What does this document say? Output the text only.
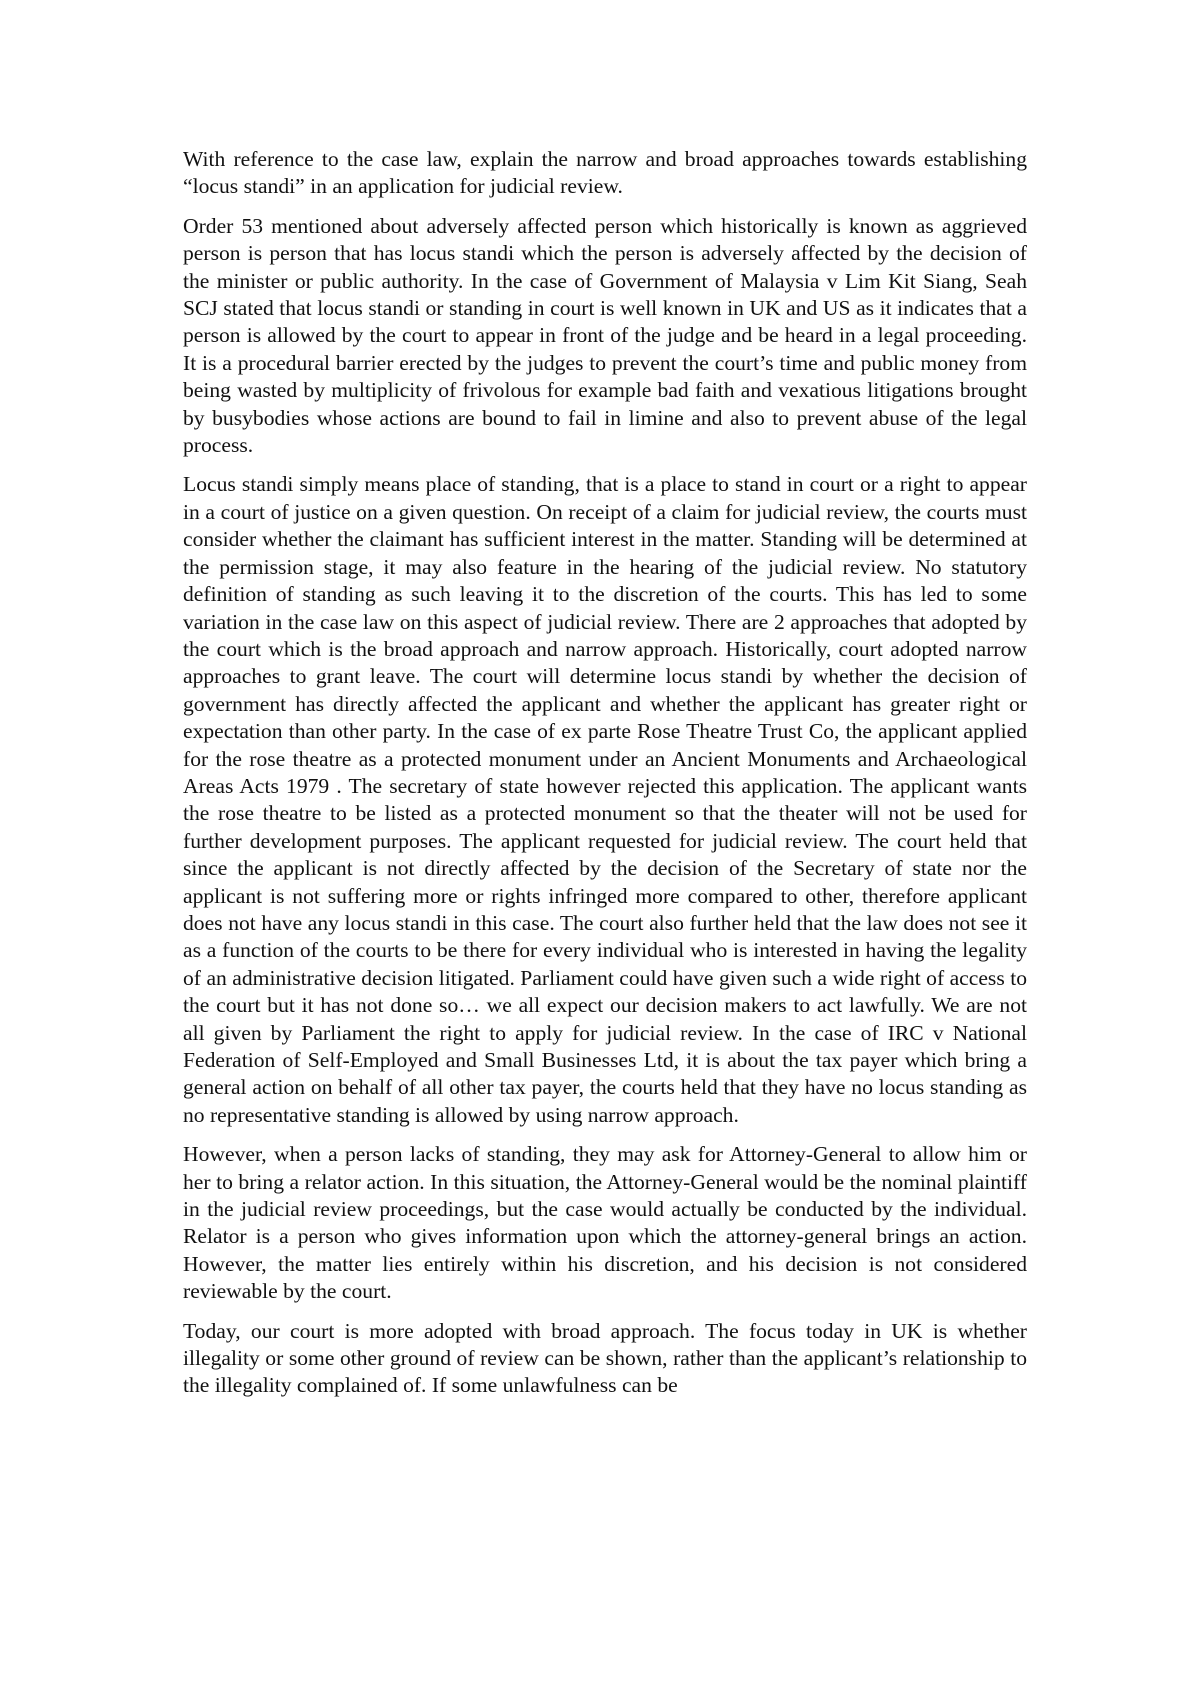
With reference to the case law, explain the narrow and broad approaches towards establishing “locus standi” in an application for judicial review.

Order 53 mentioned about adversely affected person which historically is known as aggrieved person is person that has locus standi which the person is adversely affected by the decision of the minister or public authority. In the case of Government of Malaysia v Lim Kit Siang, Seah SCJ stated that locus standi or standing in court is well known in UK and US as it indicates that a person is allowed by the court to appear in front of the judge and be heard in a legal proceeding. It is a procedural barrier erected by the judges to prevent the court’s time and public money from being wasted by multiplicity of frivolous for example bad faith and vexatious litigations brought by busybodies whose actions are bound to fail in limine and also to prevent abuse of the legal process.

Locus standi simply means place of standing, that is a place to stand in court or a right to appear in a court of justice on a given question. On receipt of a claim for judicial review, the courts must consider whether the claimant has sufficient interest in the matter. Standing will be determined at the permission stage, it may also feature in the hearing of the judicial review. No statutory definition of standing as such leaving it to the discretion of the courts. This has led to some variation in the case law on this aspect of judicial review. There are 2 approaches that adopted by the court which is the broad approach and narrow approach. Historically, court adopted narrow approaches to grant leave. The court will determine locus standi by whether the decision of government has directly affected the applicant and whether the applicant has greater right or expectation than other party. In the case of ex parte Rose Theatre Trust Co, the applicant applied for the rose theatre as a protected monument under an Ancient Monuments and Archaeological Areas Acts 1979 . The secretary of state however rejected this application. The applicant wants the rose theatre to be listed as a protected monument so that the theater will not be used for further development purposes. The applicant requested for judicial review. The court held that since the applicant is not directly affected by the decision of the Secretary of state nor the applicant is not suffering more or rights infringed more compared to other, therefore applicant does not have any locus standi in this case. The court also further held that the law does not see it as a function of the courts to be there for every individual who is interested in having the legality of an administrative decision litigated. Parliament could have given such a wide right of access to the court but it has not done so… we all expect our decision makers to act lawfully. We are not all given by Parliament the right to apply for judicial review. In the case of IRC v National Federation of Self-Employed and Small Businesses Ltd, it is about the tax payer which bring a general action on behalf of all other tax payer, the courts held that they have no locus standing as no representative standing is allowed by using narrow approach.

However, when a person lacks of standing, they may ask for Attorney-General to allow him or her to bring a relator action. In this situation, the Attorney-General would be the nominal plaintiff in the judicial review proceedings, but the case would actually be conducted by the individual. Relator is a person who gives information upon which the attorney-general brings an action. However, the matter lies entirely within his discretion, and his decision is not considered reviewable by the court.

Today, our court is more adopted with broad approach. The focus today in UK is whether illegality or some other ground of review can be shown, rather than the applicant’s relationship to the illegality complained of. If some unlawfulness can be
